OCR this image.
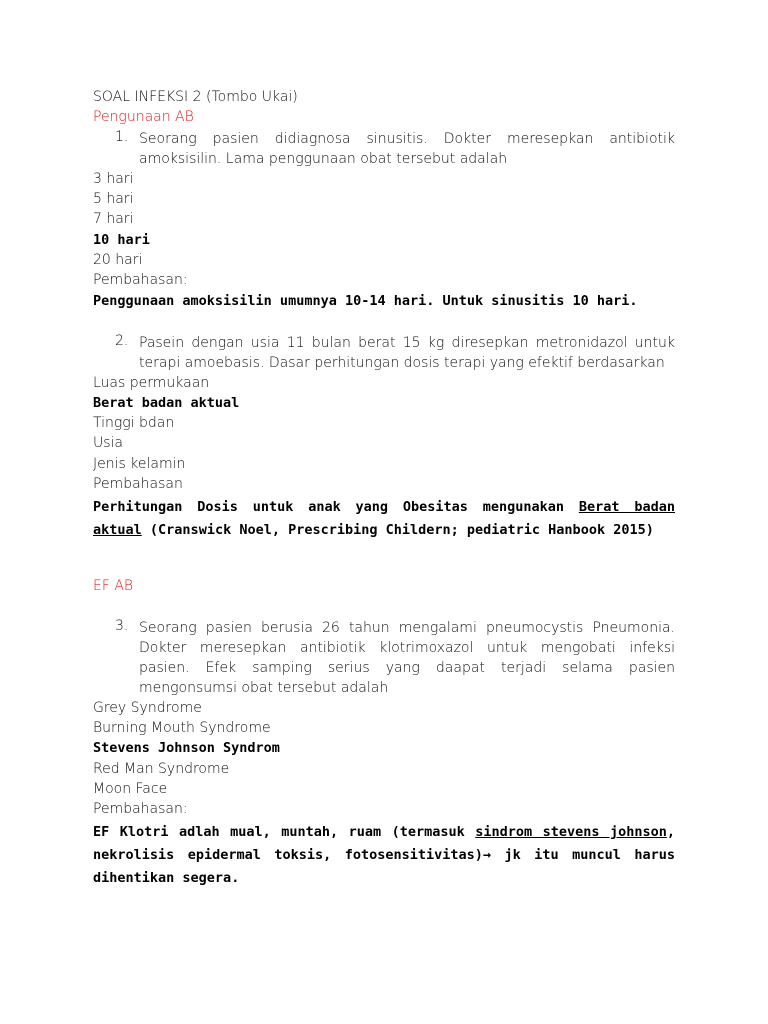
SOAL INFEKSI 2 (Tombo Ukai)
Pengunaan AB
1. Seorang pasien didiagnosa sinusitis. Dokter meresepkan antibiotik amoksisilin. Lama penggunaan obat tersebut adalah
3 hari
5 hari
7 hari
10 hari
20 hari
Pembahasan:
Penggunaan amoksisilin umumnya 10-14 hari. Untuk sinusitis 10 hari.
2. Pasein dengan usia 11 bulan berat 15 kg diresepkan metronidazol untuk terapi amoebasis. Dasar perhitungan dosis terapi yang efektif berdasarkan
Luas permukaan
Berat badan aktual
Tinggi bdan
Usia
Jenis kelamin
Pembahasan
Perhitungan Dosis untuk anak yang Obesitas mengunakan Berat badan aktual (Cranswick Noel, Prescribing Childern; pediatric Hanbook 2015)
EF AB
3. Seorang pasien berusia 26 tahun mengalami pneumocystis Pneumonia. Dokter meresepkan antibiotik klotrimoxazol untuk mengobati infeksi pasien. Efek samping serius yang daapat terjadi selama pasien mengonsumsi obat tersebut adalah
Grey Syndrome
Burning Mouth Syndrome
Stevens Johnson Syndrom
Red Man Syndrome
Moon Face
Pembahasan:
EF Klotri adlah mual, muntah, ruam (termasuk sindrom stevens johnson, nekrolisis epidermal toksis, fotosensitivitas)→ jk itu muncul harus dihentikan segera.
